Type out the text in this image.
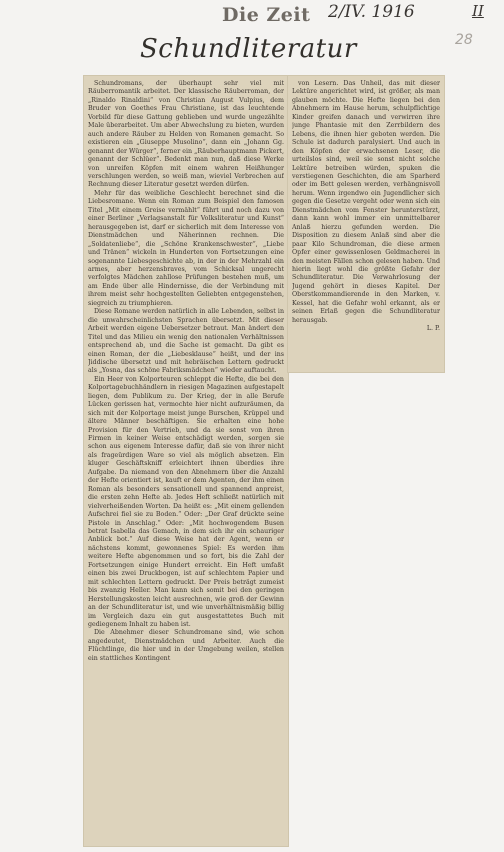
Die Zeit 2/IV. 1916	II
28
Schundliteratur

Schundromans, der überhaupt sehr viel mit Räuberromantik arbeitet. Der klassische Räuberroman, der „Rinaldo Rinaldini“ von Christian August Vulpius, dem Bruder von Goethes Frau Christiane, ist das leuchtende Vorbild für diese Gattung geblieben und wurde ungezählte Male überarbeitet. Um aber Abwechslung zu bieten, wurden auch andere Räuber zu Helden von Romanen gemacht. So existieren ein „Giuseppe Musolino“, dann ein „Johann Gg. genannt der Würger“, ferner ein „Räuberhauptmann Pickert, genannt der Schlüer“. Bedenkt man nun, daß diese Werke von unreifen Köpfen mit einem wahren Heißhunger verschlungen werden, so weiß man, wieviel Verbrechen auf Rechnung dieser Literatur gesetzt werden dürfen.

Mehr für das weibliche Geschlecht berechnet sind die Liebesromane. Wenn ein Roman zum Beispiel den famosen Titel „Mit einem Greise vermählt“ führt und noch dazu von einer Berliner „Verlagsanstalt für Volksliteratur und Kunst“ herausgegeben ist, darf er sicherlich mit dem Interesse von Dienstmädchen und Näherinnen rechnen. Die „Soldatenliebe“, die „Schöne Krankenschwester“, „Liebe und Tränen“ wickeln in Hunderten von Fortsetzungen eine sogenannte Liebesgeschichte ab, in der in der Mehrzahl ein armes, aber herzensbraves, vom Schicksal ungerecht verfolgtes Mädchen zahllose Prüfungen bestehen muß, um am Ende über alle Hindernisse, die der Verbindung mit ihrem meist sehr hochgestellten Geliebten entgegenstehen, siegreich zu triumphieren.

Diese Romane werden natürlich in alle Lebenden, selbst in die unwahrscheinlichsten Sprachen übersetzt. Mit dieser Arbeit werden eigene Uebersetzer betraut. Man ändert den Titel und das Milieu ein wenig den nationalen Verhältnissen entsprechend ab, und die Sache ist gemacht. Da gibt es einen Roman, der die „Liebesklause“ heißt, und der ins Jiddische übersetzt und mit hebräischen Lettern gedruckt als „Yosna, das schöne Fabriksmädchen“ wieder auftaucht.

Ein Heer von Kolporteuren schleppt die Hefte, die bei den Kolportagebuchhändlern in riesigen Magazinen aufgestapelt liegen, dem Publikum zu. Der Krieg, der in alle Berufe Lücken gerissen hat, vermochte hier nicht aufzuräumen, da sich mit der Kolportage meist junge Burschen, Krüppel und ältere Männer beschäftigen. Sie erhalten eine hohe Provision für den Vertrieb, und da sie sonst von ihren Firmen in keiner Weise entschädigt werden, sorgen sie schon aus eigenem Interesse dafür, daß sie von ihrer nicht als frageürdigen Ware so viel als möglich absetzen. Ein kluger Geschäftskniff erleichtert ihnen überdies ihre Aufgabe. Da niemand von den Abnehmern über die Anzahl der Hefte orientiert ist, kauft er dem Agenten, der ihm einen Roman als besonders sensationell und spannend anpreist, die ersten zehn Hefte ab. Jedes Heft schließt natürlich mit vielverheißenden Worten. Da heißt es: „Mit einem gellenden Aufschrei fiel sie zu Boden.“ Oder: „Der Graf drückte seine Pistole in Anschlag.“ Oder: „Mit hochwogendem Busen betrat Isabella das Gemach, in dem sich ihr ein schauriger Anblick bot.“ Auf diese Weise hat der Agent, wenn er nächstens kommt, gewonnenes Spiel: Es werden ihm weitere Hefte abgenommen und so fort, bis die Zahl der Fortsetzungen einige Hundert erreicht. Ein Heft umfaßt einen bis zwei Druckbogen, ist auf schlechtem Papier und mit schlechten Lettern gedruckt. Der Preis beträgt zumeist bis zwanzig Heller. Man kann sich somit bei den geringen Herstellungskosten leicht ausrechnen, wie groß der Gewinn an der Schundliteratur ist, und wie unverhältnismäßig billig im Vergleich dazu ein gut ausgestattetes Buch mit gediegenem Inhalt zu haben ist.

Die Abnehmer dieser Schundromane sind, wie schon angedeutet, Dienstmädchen und Arbeiter. Auch die Flüchtlinge, die hier und in der Umgebung weilen, stellen ein stattliches Kontingent

von Lesern. Das Unheil, das mit dieser Lektüre angerichtet wird, ist größer, als man glauben möchte. Die Hefte liegen bei den Abnehmern im Hause herum, schulpflichtige Kinder greifen danach und verwirren ihre junge Phantasie mit den Zerrbildern des Lebens, die ihnen hier geboten werden. Die Schule ist dadurch paralysiert. Und auch in den Köpfen der erwachsenen Leser, die urteilslos sind, weil sie sonst nicht solche Lektüre betreiben würden, spuken die verstiegenen Geschichten, die am Sparherd oder im Bett gelesen werden, verhängnisvoll herum. Wenn irgendwo ein Jugendlicher sich gegen die Gesetze vergeht oder wenn sich ein Dienstmädchen vom Fenster herunterstürzt, dann kann wohl immer ein unmittelbarer Anlaß hierzu gefunden werden. Die Disposition zu diesem Anlaß sind aber die paar Kilo Schundroman, die diese armen Opfer einer gewissenlosen Geldmacherei in den meisten Fällen schon gelesen haben. Und hierin liegt wohl die größte Gefahr der Schundliteratur. Die Verwahrlosung der Jugend gehört in dieses Kapitel. Der Oberstkommandierende in den Marken, v. Kessel, hat die Gefahr wohl erkannt, als er seinen Erlaß gegen die Schundliteratur herausgab.

L. P.
